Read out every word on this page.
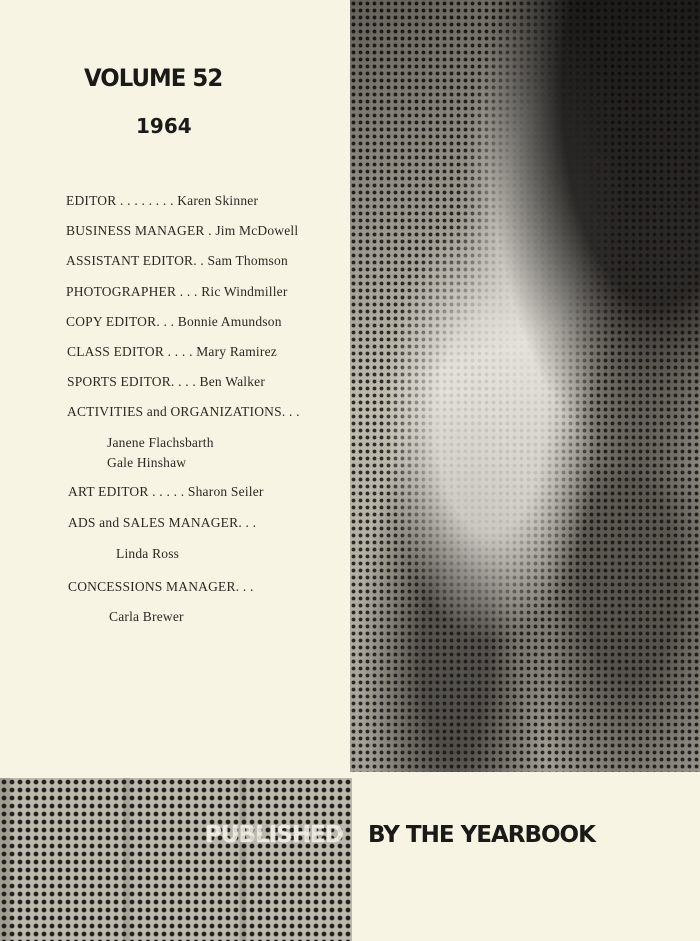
VOLUME 52
1964
EDITOR . . . . . . . . Karen Skinner
BUSINESS MANAGER . Jim McDowell
ASSISTANT EDITOR. . Sam Thomson
PHOTOGRAPHER . . . Ric Windmiller
COPY EDITOR. . . Bonnie Amundson
CLASS EDITOR . . . . Mary Ramirez
SPORTS EDITOR. . . . Ben Walker
ACTIVITIES and ORGANIZATIONS. . .
Janene Flachsbarth
Gale Hinshaw
ART EDITOR . . . . . Sharon Seiler
ADS and SALES MANAGER. . .
Linda Ross
CONCESSIONS MANAGER. . .
Carla Brewer
PUBLISHED BY THE YEARBOOK
